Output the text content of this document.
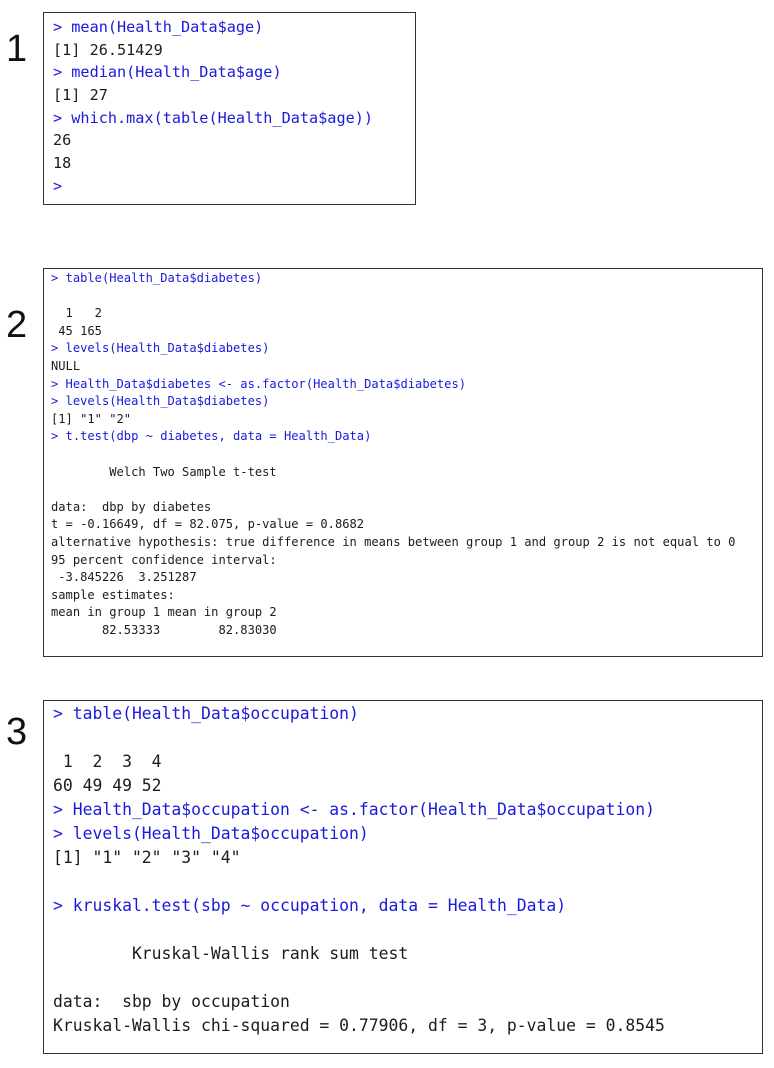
1
> mean(Health_Data$age)
[1] 26.51429
> median(Health_Data$age)
[1] 27
> which.max(table(Health_Data$age))
26
18
>
2
> table(Health_Data$diabetes)
1   2
45 165
> levels(Health_Data$diabetes)
NULL
> Health_Data$diabetes <- as.factor(Health_Data$diabetes)
> levels(Health_Data$diabetes)
[1] "1" "2"
> t.test(dbp ~ diabetes, data = Health_Data)
Welch Two Sample t-test
data:  dbp by diabetes
t = -0.16649, df = 82.075, p-value = 0.8682
alternative hypothesis: true difference in means between group 1 and group 2 is not equal to 0
95 percent confidence interval:
-3.845226  3.251287
sample estimates:
mean in group 1 mean in group 2
82.53333        82.83030
3 > table(Health_Data$occupation)
1  2  3  4
60 49 49 52
> Health_Data$occupation <- as.factor(Health_Data$occupation)
> levels(Health_Data$occupation)
[1] "1" "2" "3" "4"
> kruskal.test(sbp ~ occupation, data = Health_Data)
Kruskal-Wallis rank sum test
data:  sbp by occupation
Kruskal-Wallis chi-squared = 0.77906, df = 3, p-value = 0.8545
